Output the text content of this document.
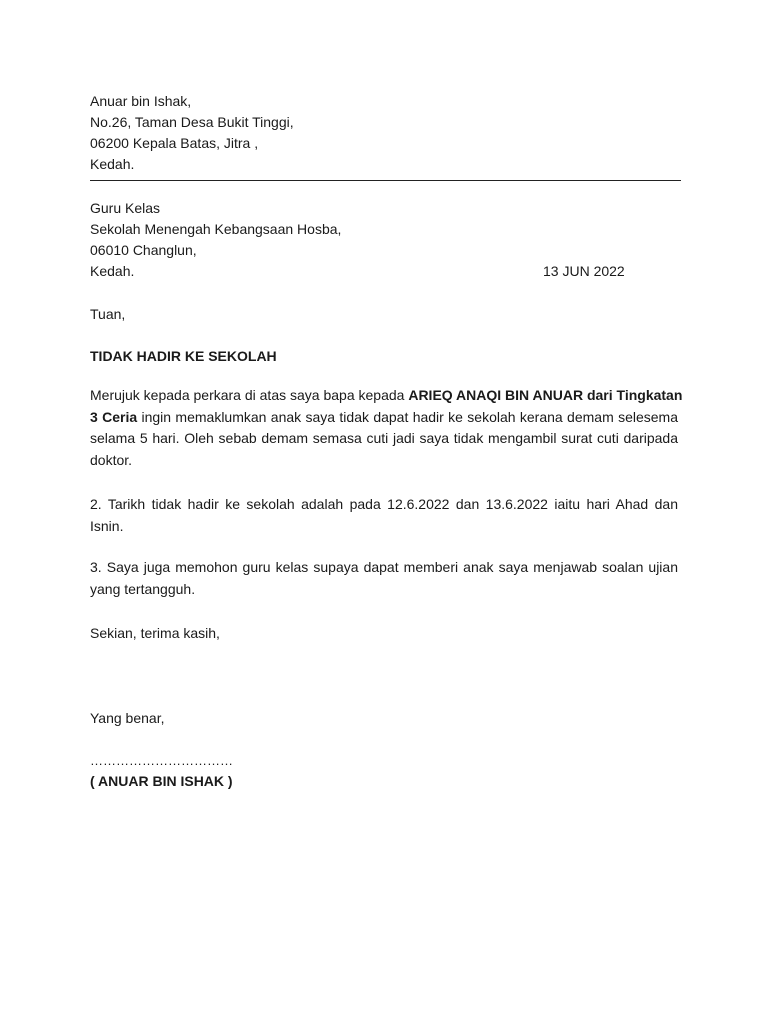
Anuar bin Ishak,
No.26, Taman Desa Bukit Tinggi,
06200 Kepala Batas, Jitra ,
Kedah.
Guru Kelas
Sekolah Menengah Kebangsaan Hosba,
06010 Changlun,
Kedah.	13 JUN 2022
Tuan,
TIDAK HADIR KE SEKOLAH
Merujuk kepada perkara di atas saya bapa kepada ARIEQ ANAQI BIN ANUAR dari Tingkatan
3 Ceria ingin memaklumkan anak saya tidak dapat hadir ke sekolah kerana demam selesema
selama 5 hari. Oleh sebab demam semasa cuti jadi saya tidak mengambil surat cuti daripada
doktor.
2. Tarikh tidak hadir ke sekolah adalah pada 12.6.2022 dan 13.6.2022 iaitu hari Ahad dan
Isnin.
3. Saya juga memohon guru kelas supaya dapat memberi anak saya menjawab soalan ujian
yang tertangguh.
Sekian, terima kasih,
Yang benar,
……………………………
( ANUAR BIN ISHAK )
